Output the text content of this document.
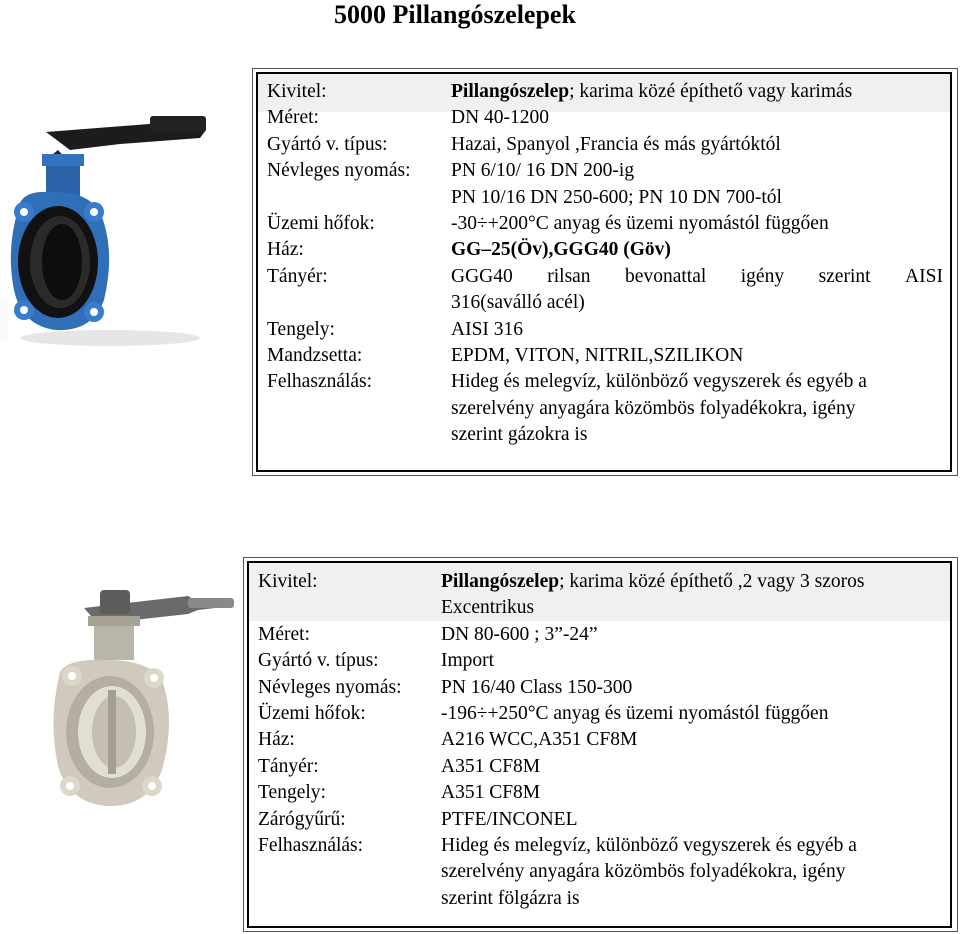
5000 Pillangószelepek
Kivitel:	Pillangószelep; karima közé építhető vagy karimás
Méret:	DN 40-1200
Gyártó v. típus:	Hazai, Spanyol ,Francia és más gyártóktól
Névleges nyomás: PN 6/10/ 16 DN 200-ig
PN 10/16 DN 250-600; PN 10 DN 700-tól
Üzemi hőfok:	-30÷+200°C anyag és üzemi nyomástól függően
Ház:	GG–25(Öv),GGG40 (Göv)
Tányér:	GGG40 rilsan bevonattal igény szerint AISI
316(saválló acél)
Tengely:	AISI 316
Mandzsetta:	EPDM, VITON, NITRIL,SZILIKON
Felhasználás:	Hideg és melegvíz, különböző vegyszerek és egyéb a
szerelvény anyagára közömbös folyadékokra, igény
szerint gázokra is
Kivitel:	Pillangószelep; karima közé építhető ,2 vagy 3 szoros
Excentrikus
Méret:	DN 80-600 ; 3”-24”
Gyártó v. típus:	Import
Névleges nyomás: PN 16/40 Class 150-300
Üzemi hőfok:	-196÷+250°C anyag és üzemi nyomástól függően
Ház:	A216 WCC,A351 CF8M
Tányér:	A351 CF8M
Tengely:	A351 CF8M
Zárógyűrű:	PTFE/INCONEL
Felhasználás:	Hideg és melegvíz, különböző vegyszerek és egyéb a
szerelvény anyagára közömbös folyadékokra, igény
szerint fölgázra is
